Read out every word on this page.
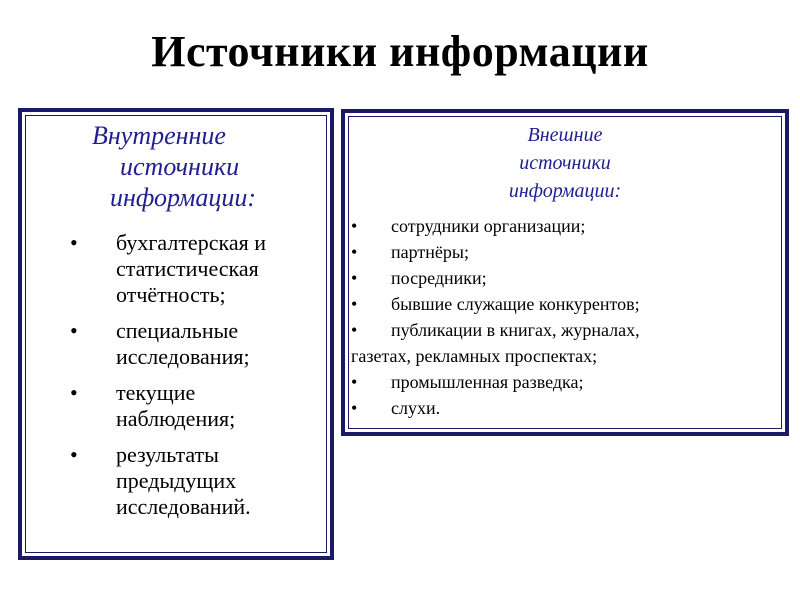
Источники информации
Внутренние
источники
информации:
• бухгалтерская и статистическая отчётность;
• специальные исследования;
• текущие наблюдения;
• результаты предыдущих исследований.
Внешние
источники
информации:
• сотрудники организации;
• партнёры;
• посредники;
• бывшие служащие конкурентов;
• публикации в книгах, журналах,
газетах, рекламных проспектах;
• промышленная разведка;
• слухи.
